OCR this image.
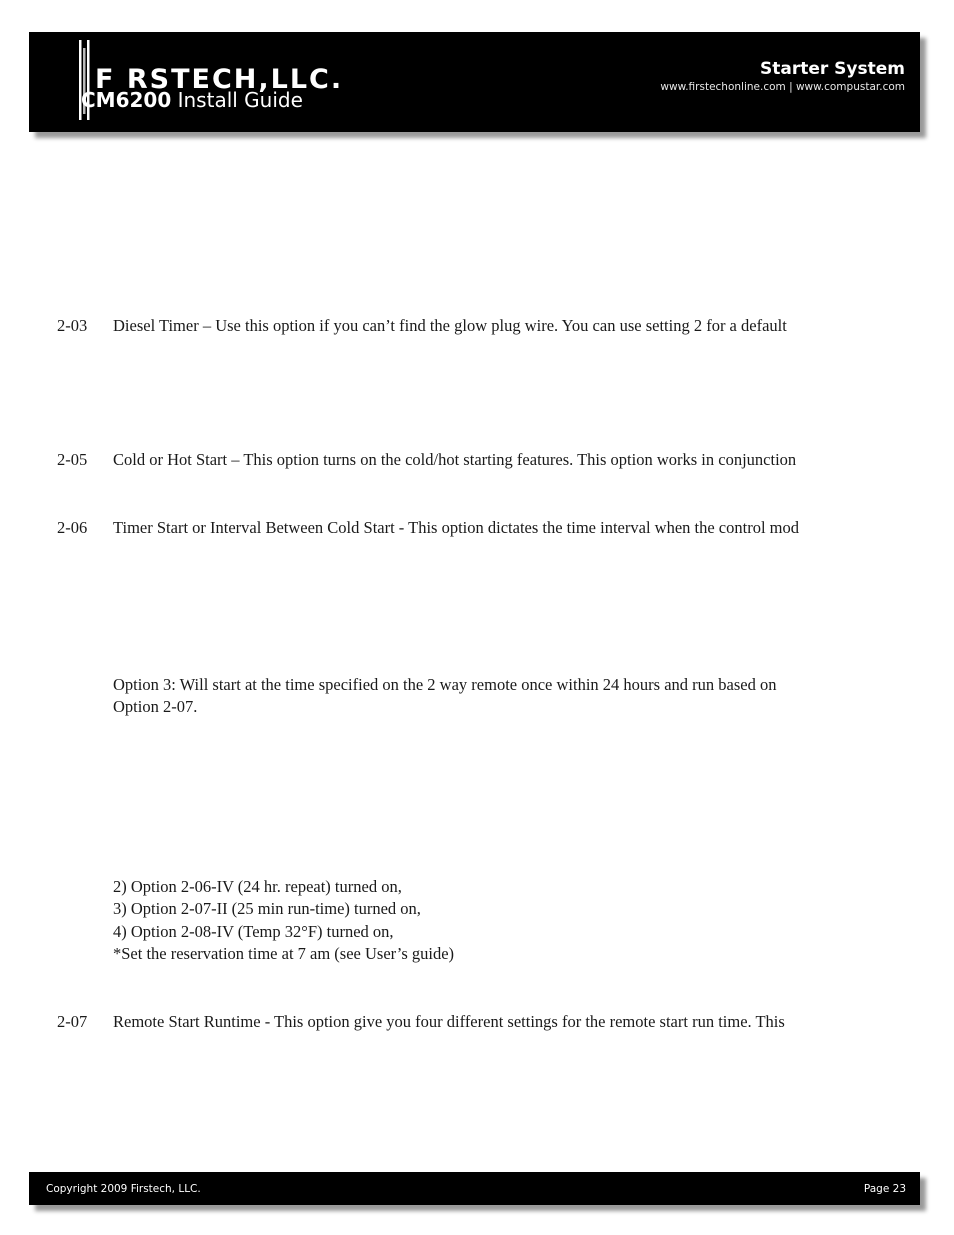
F RSTECH,LLC.
CM6200 Install Guide
Starter System
www.firstechonline.com | www.compustar.com
2-03 Diesel Timer – Use this option if you can’t find the glow plug wire. You can use setting 2 for a default
2-05 Cold or Hot Start – This option turns on the cold/hot starting features. This option works in conjunction
2-06 Timer Start or Interval Between Cold Start - This option dictates the time interval when the control mod
Option 3: Will start at the time specified on the 2 way remote once within 24 hours and run based on
Option 2-07.
2) Option 2-06-IV (24 hr. repeat) turned on,
3) Option 2-07-II (25 min run-time) turned on,
4) Option 2-08-IV (Temp 32°F) turned on,
*Set the reservation time at 7 am (see User’s guide)
2-07 Remote Start Runtime - This option give you four different settings for the remote start run time. This
Copyright 2009 Firstech, LLC.	Page 23
